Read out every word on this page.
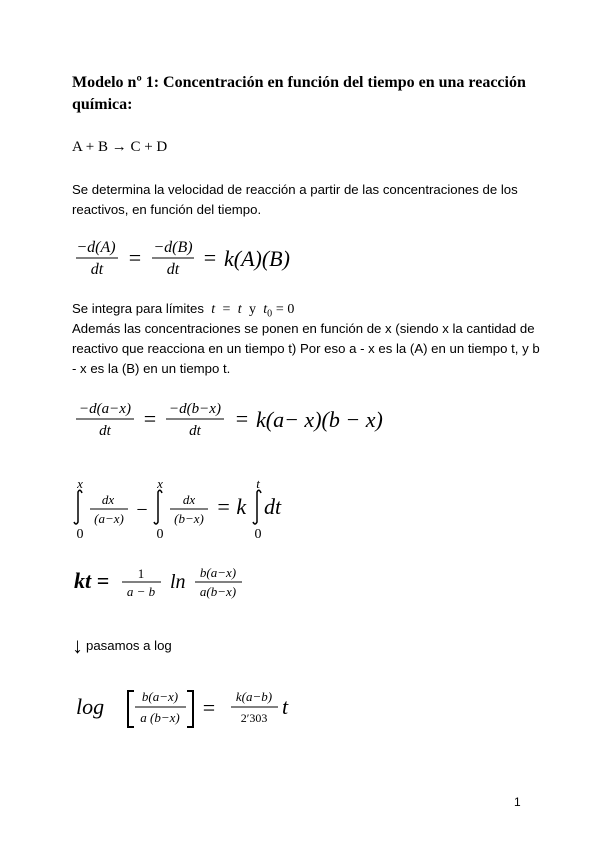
Modelo nº 1: Concentración en función del tiempo en una reacción química:
A + B → C + D
Se determina la velocidad de reacción a partir de las concentraciones de los reactivos, en función del tiempo.
−d(A)
dt = −d(B)
dt = k(A)(B)
Se integra para límites t = t y $t_0 = 0$
Además las concentraciones se ponen en función de x (siendo x la cantidad de
reactivo que reacciona en un tiempo t) Por eso a - x es la (A) en un tiempo t, y b
- x es la (B) en un tiempo t.
−d(a−x)
dt = −d(b−x)
dt = k(a− x)(b − x)
x
0
dx
(a−x) −
x
0
dx
(b−x) = k
t
0
dt
kt = 1
a − b ln b(a−x)
a(b−x)
↓ pasamos a log
log	b(a−x)
a (b−x) = k(a−b)
2′303 t
1
